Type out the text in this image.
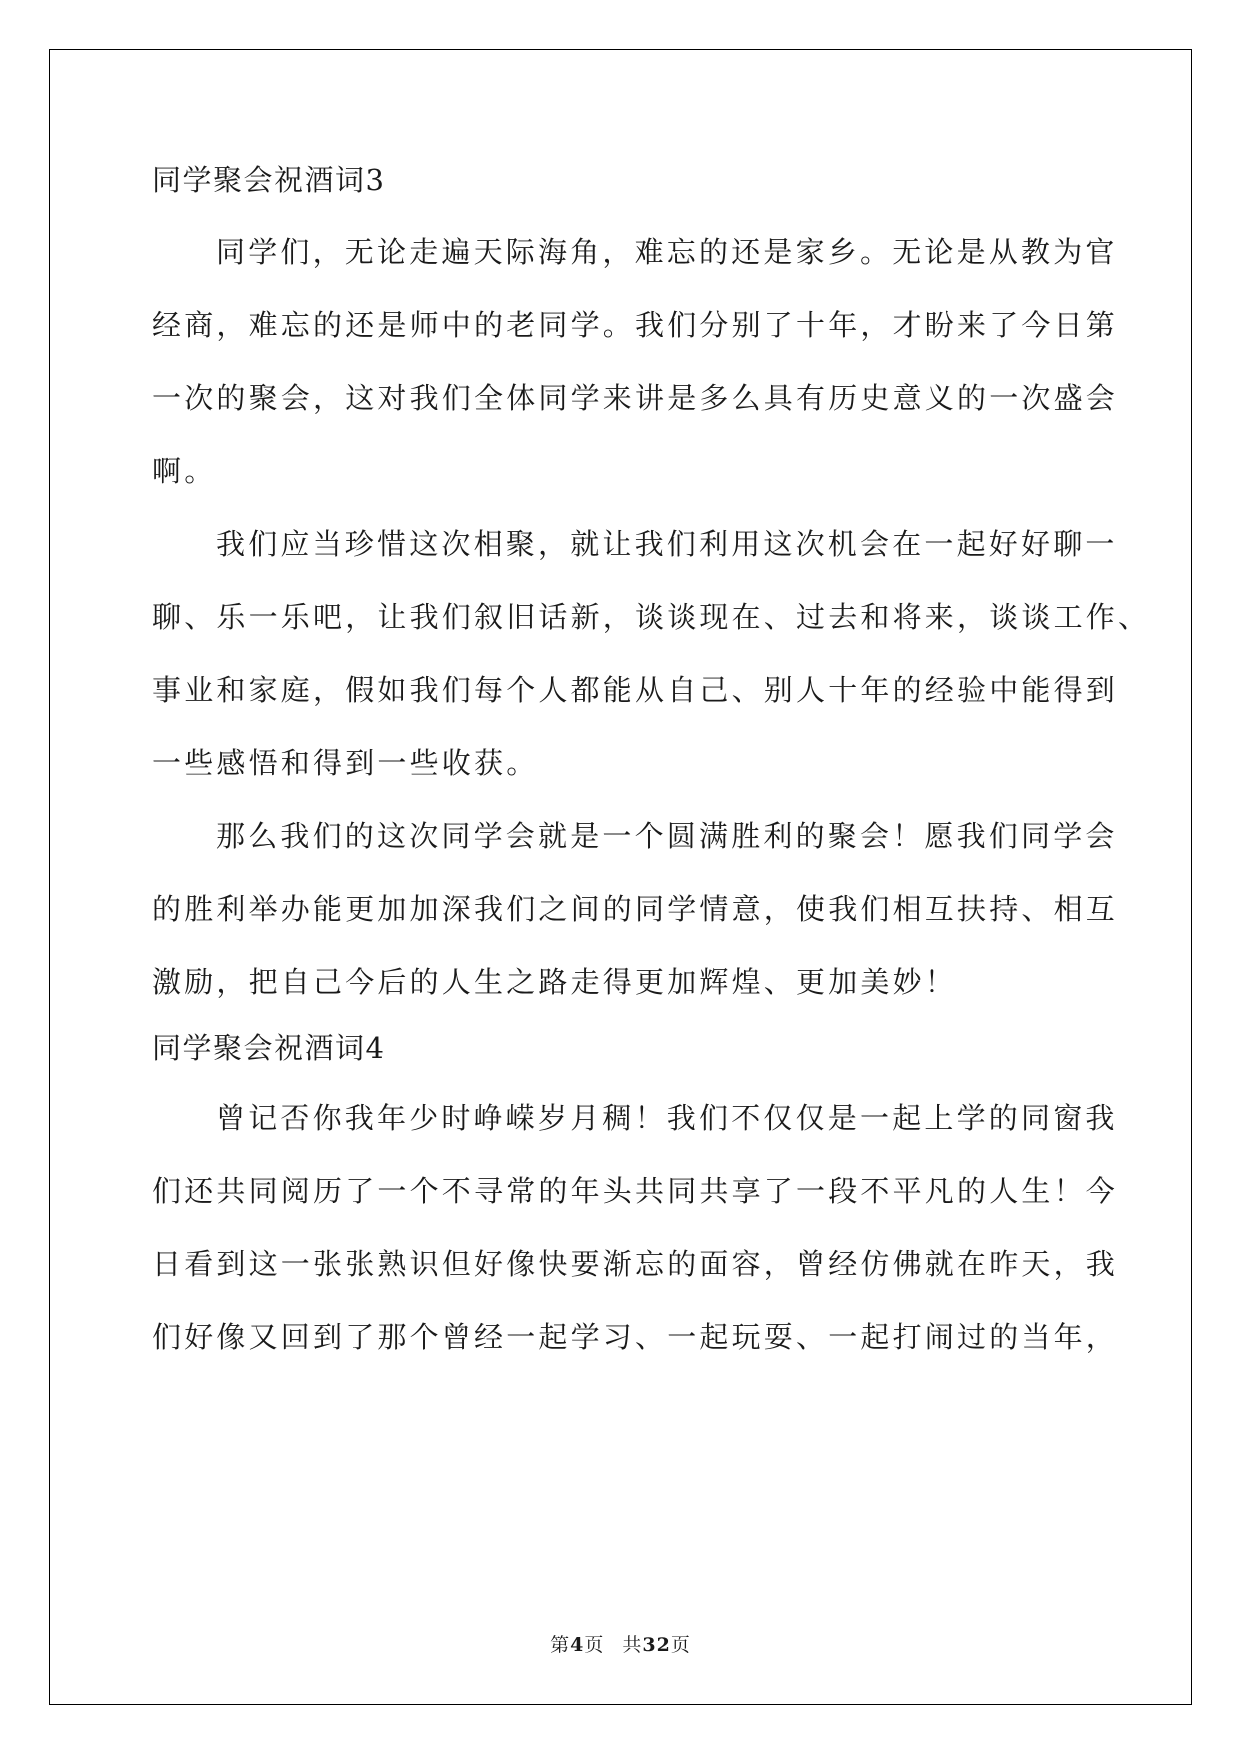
同学聚会祝酒词3
同学们，无论走遍天际海角，难忘的还是家乡。无论是从教为官
经商，难忘的还是师中的老同学。我们分别了十年，才盼来了今日第
一次的聚会，这对我们全体同学来讲是多么具有历史意义的一次盛会
啊。
我们应当珍惜这次相聚，就让我们利用这次机会在一起好好聊一
聊、乐一乐吧，让我们叙旧话新，谈谈现在、过去和将来，谈谈工作、
事业和家庭，假如我们每个人都能从自己、别人十年的经验中能得到
一些感悟和得到一些收获。
那么我们的这次同学会就是一个圆满胜利的聚会！愿我们同学会
的胜利举办能更加加深我们之间的同学情意，使我们相互扶持、相互
激励，把自己今后的人生之路走得更加辉煌、更加美妙！
同学聚会祝酒词4
曾记否你我年少时峥嵘岁月稠！我们不仅仅是一起上学的同窗我
们还共同阅历了一个不寻常的年头共同共享了一段不平凡的人生！今
日看到这一张张熟识但好像快要渐忘的面容，曾经仿佛就在昨天，我
们好像又回到了那个曾经一起学习、一起玩耍、一起打闹过的当年，
第4页 共32页
